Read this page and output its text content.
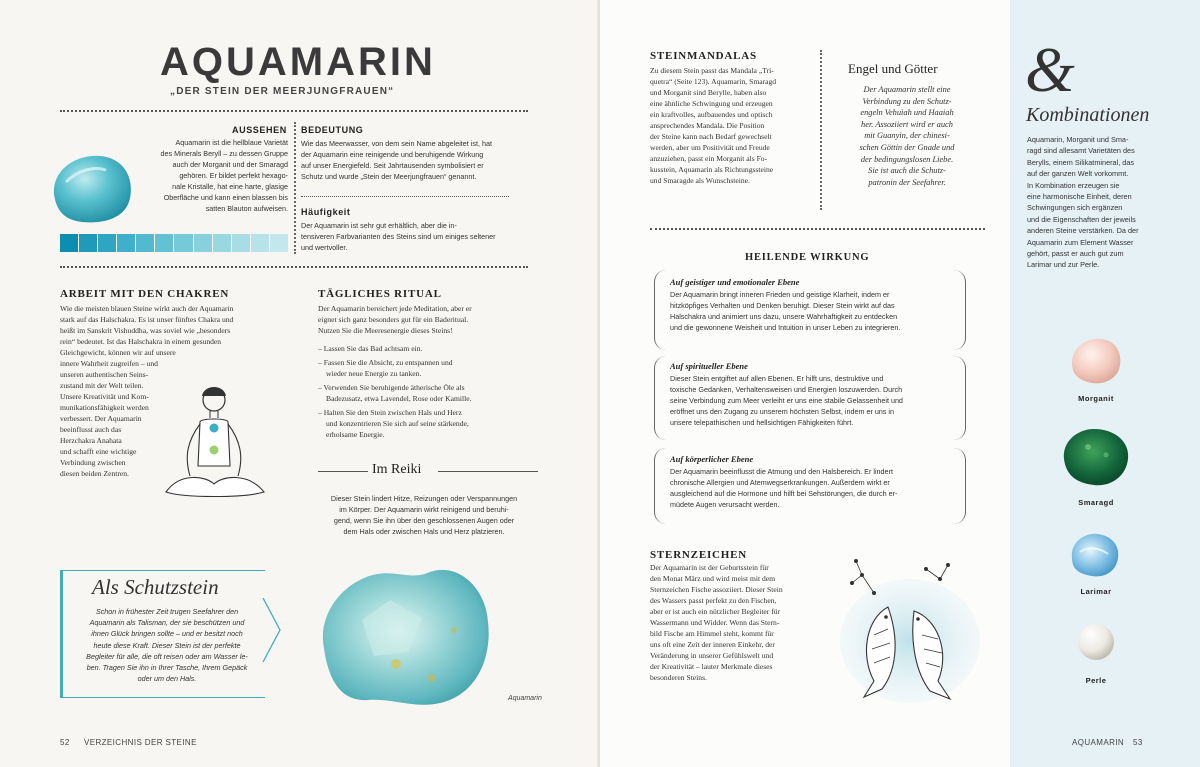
AQUAMARIN
„DER STEIN DER MEERJUNGFRAUEN“
AUSSEHEN
Aquamarin ist die hellblaue Varietät
des Minerals Beryll – zu dessen Gruppe
auch der Morganit und der Smaragd
gehören. Er bildet perfekt hexago-
nale Kristalle, hat eine harte, glasige
Oberfläche und kann einen blassen bis
satten Blauton aufweisen.
BEDEUTUNG
Wie das Meerwasser, von dem sein Name abgeleitet ist, hat
der Aquamarin eine reinigende und beruhigende Wirkung
auf unser Energiefeld. Seit Jahrtausenden symbolisiert er
Schutz und wurde „Stein der Meerjungfrauen“ genannt.
Häufigkeit
Der Aquamarin ist sehr gut erhältlich, aber die in-
tensiveren Farbvarianten des Steins sind um einiges seltener
und wertvoller.
ARBEIT MIT DEN CHAKREN
Wie die meisten blauen Steine wirkt auch der Aquamarin
stark auf das Halschakra. Es ist unser fünftes Chakra und
heißt im Sanskrit Vishuddha, was soviel wie „besonders
rein“ bedeutet. Ist das Halschakra in einem gesunden
Gleichgewicht, können wir auf unsere
innere Wahrheit zugreifen – und
unseren authentischen Seins-
zustand mit der Welt teilen.
Unsere Kreativität und Kom-
munikationsfähigkeit werden
verbessert. Der Aquamarin
beeinflusst auch das
Herzchakra Anahata
und schafft eine wichtige
Verbindung zwischen
diesen beiden Zentren.
TÄGLICHES RITUAL
Der Aquamarin bereichert jede Meditation, aber er
eignet sich ganz besonders gut für ein Baderitual.
Nutzen Sie die Meeresenergie dieses Steins!
– Lassen Sie das Bad achtsam ein.
– Fassen Sie die Absicht, zu entspannen und
wieder neue Energie zu tanken.
– Verwenden Sie beruhigende ätherische Öle als
Badezusatz, etwa Lavendel, Rose oder Kamille.
– Halten Sie den Stein zwischen Hals und Herz
und konzentrieren Sie sich auf seine stärkende,
erholsame Energie.
Im Reiki
Dieser Stein lindert Hitze, Reizungen oder Verspannungen
im Körper. Der Aquamarin wirkt reinigend und beruhi-
gend, wenn Sie ihn über den geschlossenen Augen oder
dem Hals oder zwischen Hals und Herz platzieren.
Als Schutzstein
Schon in frühester Zeit trugen Seefahrer den
Aquamarin als Talisman, der sie beschützen und
ihnen Glück bringen sollte – und er besitzt noch
heute diese Kraft. Dieser Stein ist der perfekte
Begleiter für alle, die oft reisen oder am Wasser le-
ben. Tragen Sie ihn in Ihrer Tasche, Ihrem Gepäck
oder um den Hals.
Aquamarin
52 VERZEICHNIS DER STEINE
STEINMANDALAS
Zu diesem Stein passt das Mandala „Tri-
quetra“ (Seite 123). Aquamarin, Smaragd
und Morganit sind Berylle, haben also
eine ähnliche Schwingung und erzeugen
ein kraftvolles, aufbauendes und optisch
ansprechendes Mandala. Die Position
der Steine kann nach Bedarf gewechselt
werden, aber um Positivität und Freude
anzuziehen, passt ein Morganit als Fo-
kusstein, Aquamarin als Richtungssteine
und Smaragde als Wunschsteine.
Engel und Götter
Der Aquamarin stellt eine
Verbindung zu den Schutz-
engeln Vehuiah und Haaiah
her. Assoziiert wird er auch
mit Guanyin, der chinesi-
schen Göttin der Gnade und
der bedingungslosen Liebe.
Sie ist auch die Schutz-
patronin der Seefahrer.
HEILENDE WIRKUNG
Auf geistiger und emotionaler Ebene
Der Aquamarin bringt inneren Frieden und geistige Klarheit, indem er
hitzköpfiges Verhalten und Denken beruhigt. Dieser Stein wirkt auf das
Halschakra und animiert uns dazu, unsere Wahrhaftigkeit zu entdecken
und die gewonnene Weisheit und Intuition in unser Leben zu integrieren.
Auf spiritueller Ebene
Dieser Stein entgiftet auf allen Ebenen. Er hilft uns, destruktive und
toxische Gedanken, Verhaltensweisen und Energien loszuwerden. Durch
seine Verbindung zum Meer verleiht er uns eine stabile Gelassenheit und
eröffnet uns den Zugang zu unserem höchsten Selbst, indem er uns in
unsere telepathischen und hellsichtigen Fähigkeiten führt.
Auf körperlicher Ebene
Der Aquamarin beeinflusst die Atmung und den Halsbereich. Er lindert
chronische Allergien und Atemwegserkrankungen. Außerdem wirkt er
ausgleichend auf die Hormone und hilft bei Sehstörungen, die durch er-
müdete Augen verursacht werden.
STERNZEICHEN
Der Aquamarin ist der Geburtsstein für
den Monat März und wird meist mit dem
Sternzeichen Fische assoziiert. Dieser Stein
des Wassers passt perfekt zu den Fischen,
aber er ist auch ein nützlicher Begleiter für
Wassermann und Widder. Wenn das Stern-
bild Fische am Himmel steht, kommt für
uns oft eine Zeit der inneren Einkehr, der
Veränderung in unserer Gefühlswelt und
der Kreativität – lauter Merkmale dieses
besonderen Steins.
&
Kombinationen
Aquamarin, Morganit und Sma-
ragd sind allesamt Varietäten des
Berylls, einem Silikatmineral, das
auf der ganzen Welt vorkommt.
In Kombination erzeugen sie
eine harmonische Einheit, deren
Schwingungen sich ergänzen
und die Eigenschaften der jeweils
anderen Steine verstärken. Da der
Aquamarin zum Element Wasser
gehört, passt er auch gut zum
Larimar und zur Perle.
Morganit
Smaragd
Larimar
Perle
AQUAMARIN 53
